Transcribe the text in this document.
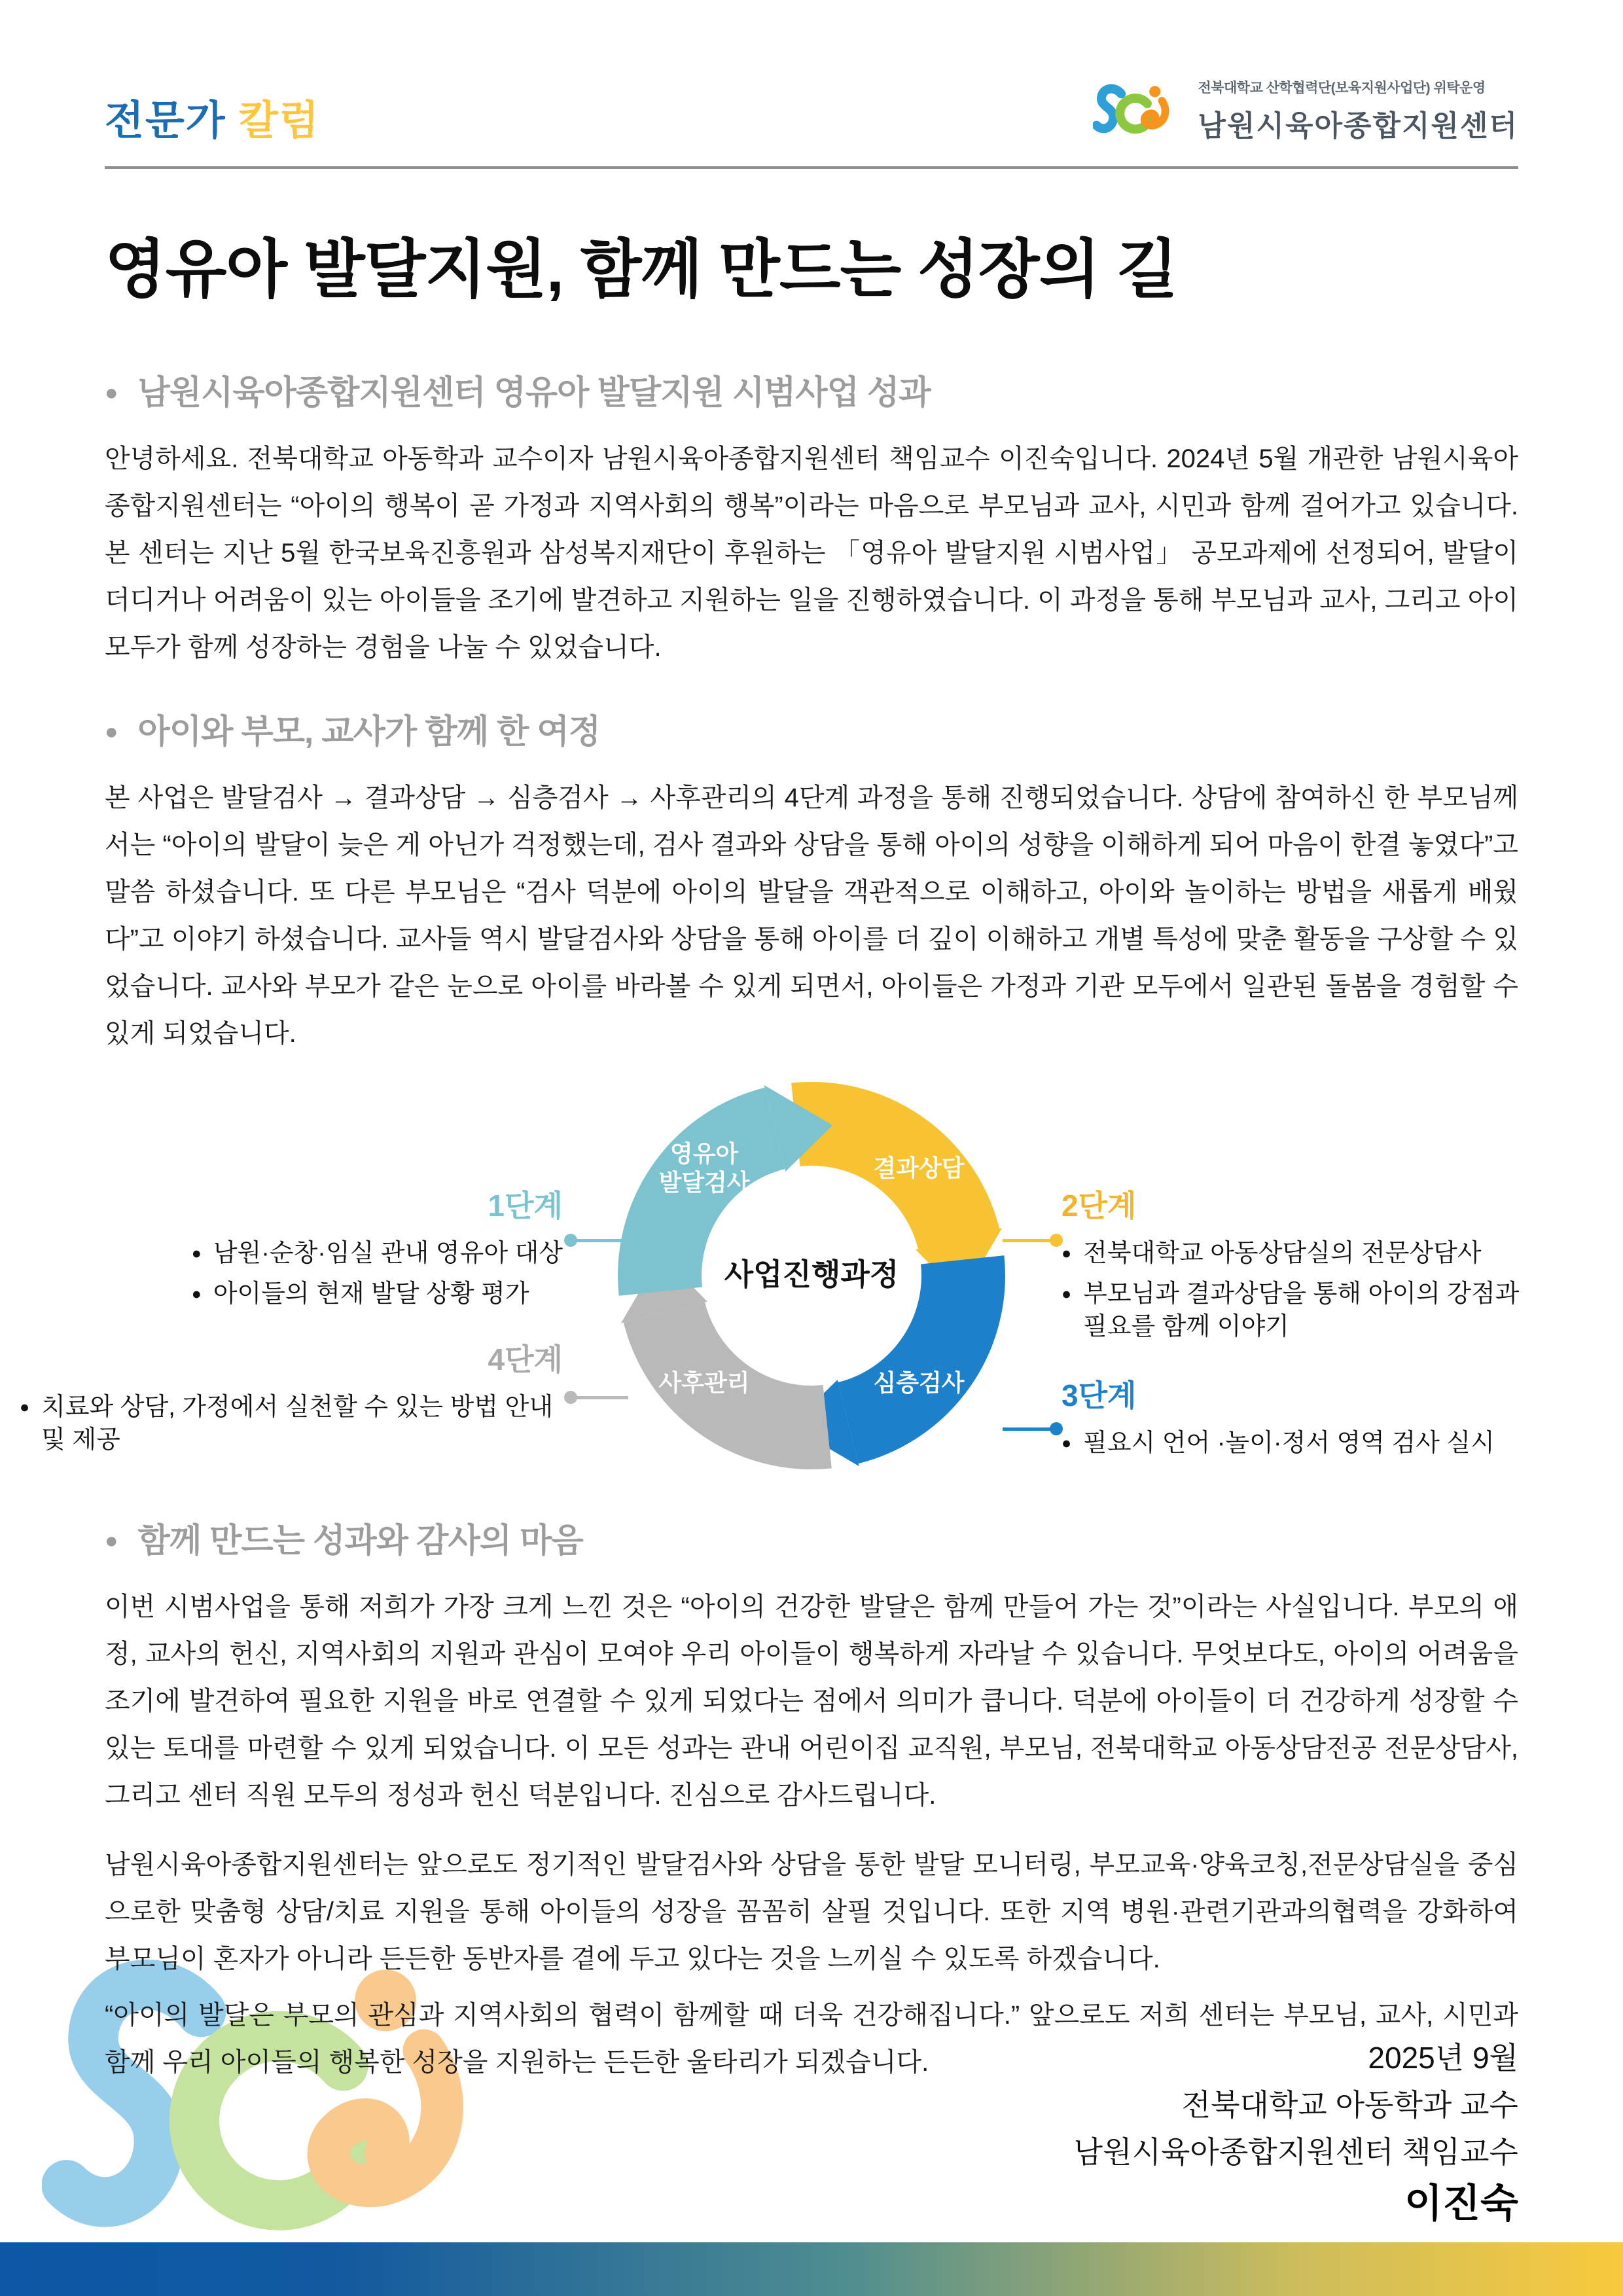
전문가 칼럼
전북대학교 산학협력단(보육지원사업단) 위탁운영
남원시육아종합지원센터
영유아 발달지원, 함께 만드는 성장의 길
● 남원시육아종합지원센터 영유아 발달지원 시범사업 성과
안녕하세요. 전북대학교 아동학과 교수이자 남원시육아종합지원센터 책임교수 이진숙입니다. 2024년 5월 개관한 남원시육아종합지원센터는 “아이의 행복이 곧 가정과 지역사회의 행복”이라는 마음으로 부모님과 교사, 시민과 함께 걸어가고 있습니다. 본 센터는 지난 5월 한국보육진흥원과 삼성복지재단이 후원하는 「영유아 발달지원 시범사업」 공모과제에 선정되어, 발달이 더디거나 어려움이 있는 아이들을 조기에 발견하고 지원하는 일을 진행하였습니다. 이 과정을 통해 부모님과 교사, 그리고 아이 모두가 함께 성장하는 경험을 나눌 수 있었습니다.
● 아이와 부모, 교사가 함께 한 여정
본 사업은 발달검사 → 결과상담 → 심층검사 → 사후관리의 4단계 과정을 통해 진행되었습니다. 상담에 참여하신 한 부모님께서는 “아이의 발달이 늦은 게 아닌가 걱정했는데, 검사 결과와 상담을 통해 아이의 성향을 이해하게 되어 마음이 한결 놓였다”고 말씀 하셨습니다. 또 다른 부모님은 “검사 덕분에 아이의 발달을 객관적으로 이해하고, 아이와 놀이하는 방법을 새롭게 배웠다”고 이야기 하셨습니다. 교사들 역시 발달검사와 상담을 통해 아이를 더 깊이 이해하고 개별 특성에 맞춘 활동을 구상할 수 있었습니다. 교사와 부모가 같은 눈으로 아이를 바라볼 수 있게 되면서, 아이들은 가정과 기관 모두에서 일관된 돌봄을 경험할 수 있게 되었습니다.
영유아
발달검사
결과상담
심층검사
사후관리
사업진행과정
1단계
● 남원·순창·임실 관내 영유아 대상
● 아이들의 현재 발달 상황 평가
2단계
● 전북대학교 아동상담실의 전문상담사
● 부모님과 결과상담을 통해 아이의 강점과 필요를 함께 이야기
3단계
● 필요시 언어 ·놀이·정서 영역 검사 실시
4단계
● 치료와 상담, 가정에서 실천할 수 있는 방법 안내 및 제공
● 함께 만드는 성과와 감사의 마음
이번 시범사업을 통해 저희가 가장 크게 느낀 것은 “아이의 건강한 발달은 함께 만들어 가는 것”이라는 사실입니다. 부모의 애정, 교사의 헌신, 지역사회의 지원과 관심이 모여야 우리 아이들이 행복하게 자라날 수 있습니다. 무엇보다도, 아이의 어려움을 조기에 발견하여 필요한 지원을 바로 연결할 수 있게 되었다는 점에서 의미가 큽니다. 덕분에 아이들이 더 건강하게 성장할 수 있는 토대를 마련할 수 있게 되었습니다. 이 모든 성과는 관내 어린이집 교직원, 부모님, 전북대학교 아동상담전공 전문상담사, 그리고 센터 직원 모두의 정성과 헌신 덕분입니다. 진심으로 감사드립니다.
남원시육아종합지원센터는 앞으로도 정기적인 발달검사와 상담을 통한 발달 모니터링, 부모교육·양육코칭,전문상담실을 중심으로한 맞춤형 상담/치료 지원을 통해 아이들의 성장을 꼼꼼히 살필 것입니다. 또한 지역 병원·관련기관과의협력을 강화하여 부모님이 혼자가 아니라 든든한 동반자를 곁에 두고 있다는 것을 느끼실 수 있도록 하겠습니다.
“아이의 발달은 부모의 관심과 지역사회의 협력이 함께할 때 더욱 건강해집니다.” 앞으로도 저희 센터는 부모님, 교사, 시민과 함께 우리 아이들의 행복한 성장을 지원하는 든든한 울타리가 되겠습니다.	2025년 9월
전북대학교 아동학과 교수
남원시육아종합지원센터 책임교수
이진숙
